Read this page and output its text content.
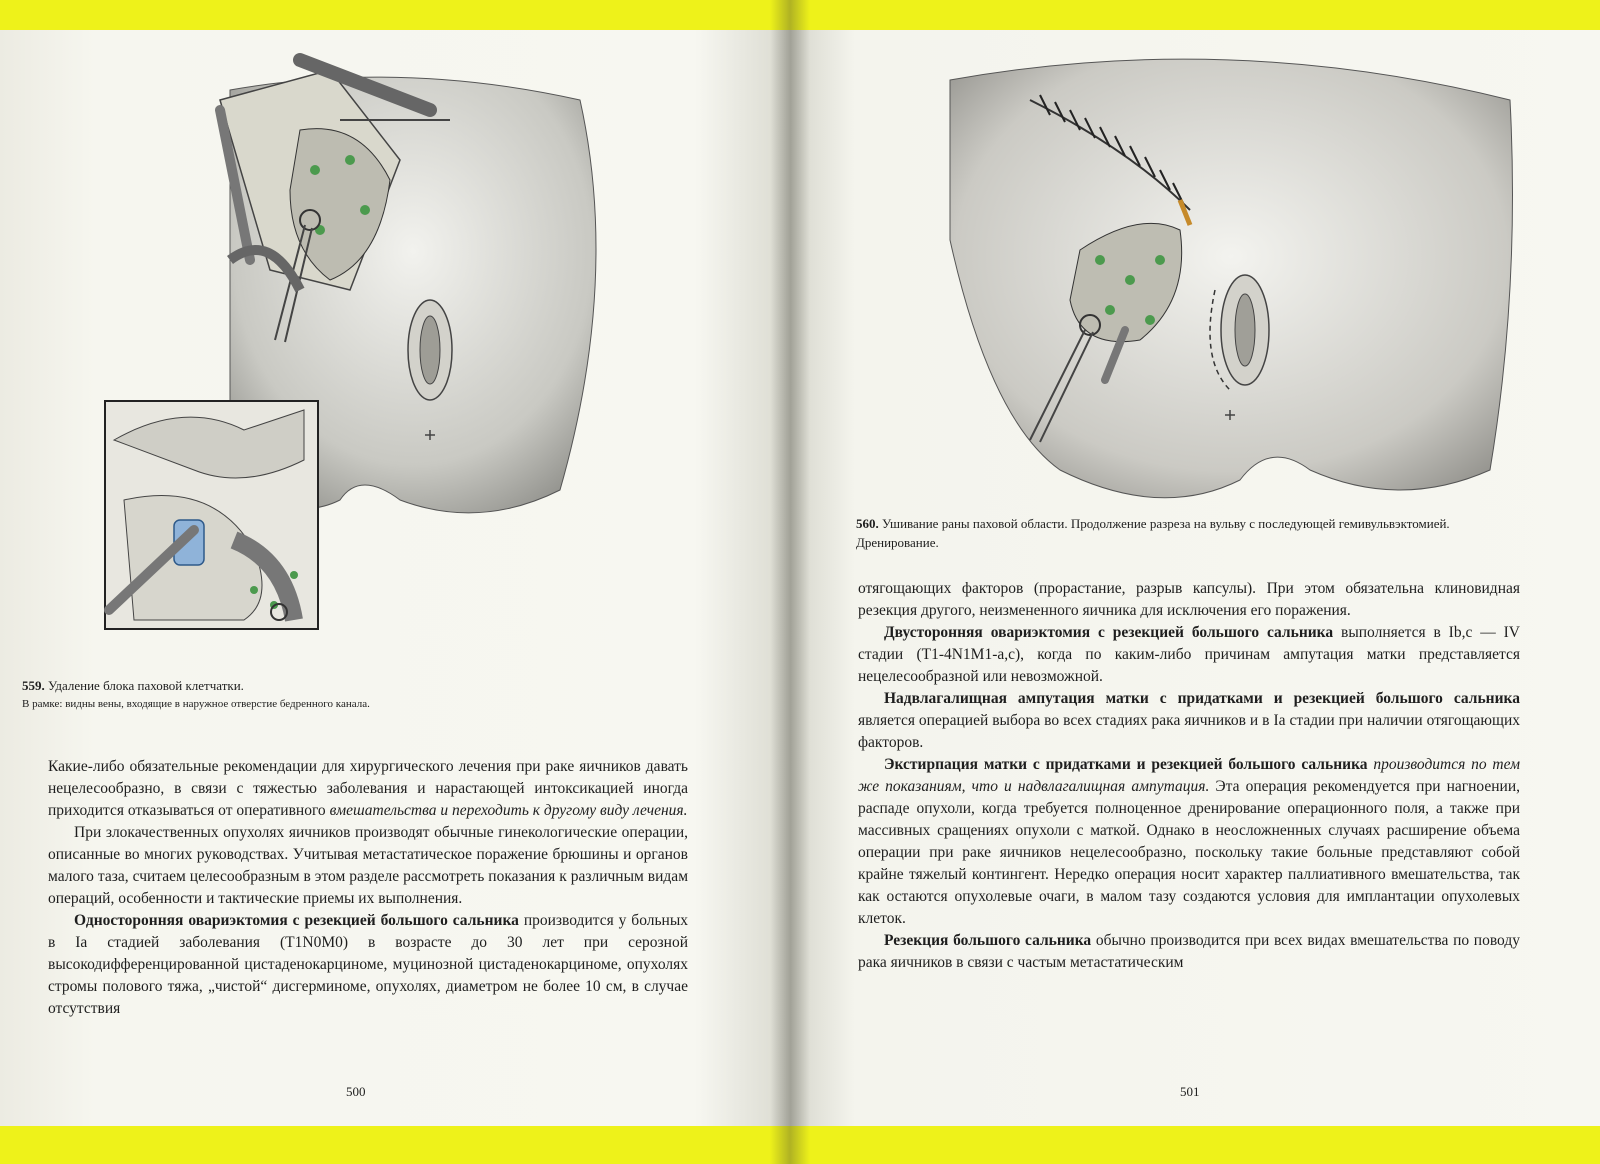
559. Удаление блока паховой клетчатки.
В рамке: видны вены, входящие в наружное отверстие бедренного канала.

Какие-либо обязательные рекомендации для хирургического лечения при раке яичников давать нецелесообразно, в связи с тяжестью заболевания и нарастающей интоксикацией иногда приходится отказываться от оперативного вмешательства и переходить к другому виду лечения.

При злокачественных опухолях яичников производят обычные гинекологические операции, описанные во многих руководствах. Учитывая метастатическое поражение брюшины и органов малого таза, считаем целесообразным в этом разделе рассмотреть показания к различным видам операций, особенности и тактические приемы их выполнения.

Односторонняя овариэктомия с резекцией большого сальника производится у больных в Ia стадией заболевания (T1N0M0) в возрасте до 30 лет при серозной высокодифференцированной цистаденокарциноме, муцинозной цистаденокарциноме, опухолях стромы полового тяжа, „чистой“ дисгерминоме, опухолях, диаметром не более 10 см, в случае отсутствия

500
560. Ушивание раны паховой области. Продолжение разреза на вульву с последующей гемивульвэктомией. Дренирование.

отягощающих факторов (прорастание, разрыв капсулы). При этом обязательна клиновидная резекция другого, неизмененного яичника для исключения его поражения.

Двусторонняя овариэктомия с резекцией большого сальника выполняется в Ib,c — IV стадии (T1-4N1M1-a,c), когда по каким-либо причинам ампутация матки представляется нецелесообразной или невозможной.

Надвлагалищная ампутация матки с придатками и резекцией большого сальника является операцией выбора во всех стадиях рака яичников и в Ia стадии при наличии отягощающих факторов.

Экстирпация матки с придатками и резекцией большого сальника производится по тем же показаниям, что и надвлагалищная ампутация. Эта операция рекомендуется при нагноении, распаде опухоли, когда требуется полноценное дренирование операционного поля, а также при массивных сращениях опухоли с маткой. Однако в неосложненных случаях расширение объема операции при раке яичников нецелесообразно, поскольку такие больные представляют собой крайне тяжелый контингент. Нередко операция носит характер паллиативного вмешательства, так как остаются опухолевые очаги, в малом тазу создаются условия для имплантации опухолевых клеток.

Резекция большого сальника обычно производится при всех видах вмешательства по поводу рака яичников в связи с частым метастатическим

501
